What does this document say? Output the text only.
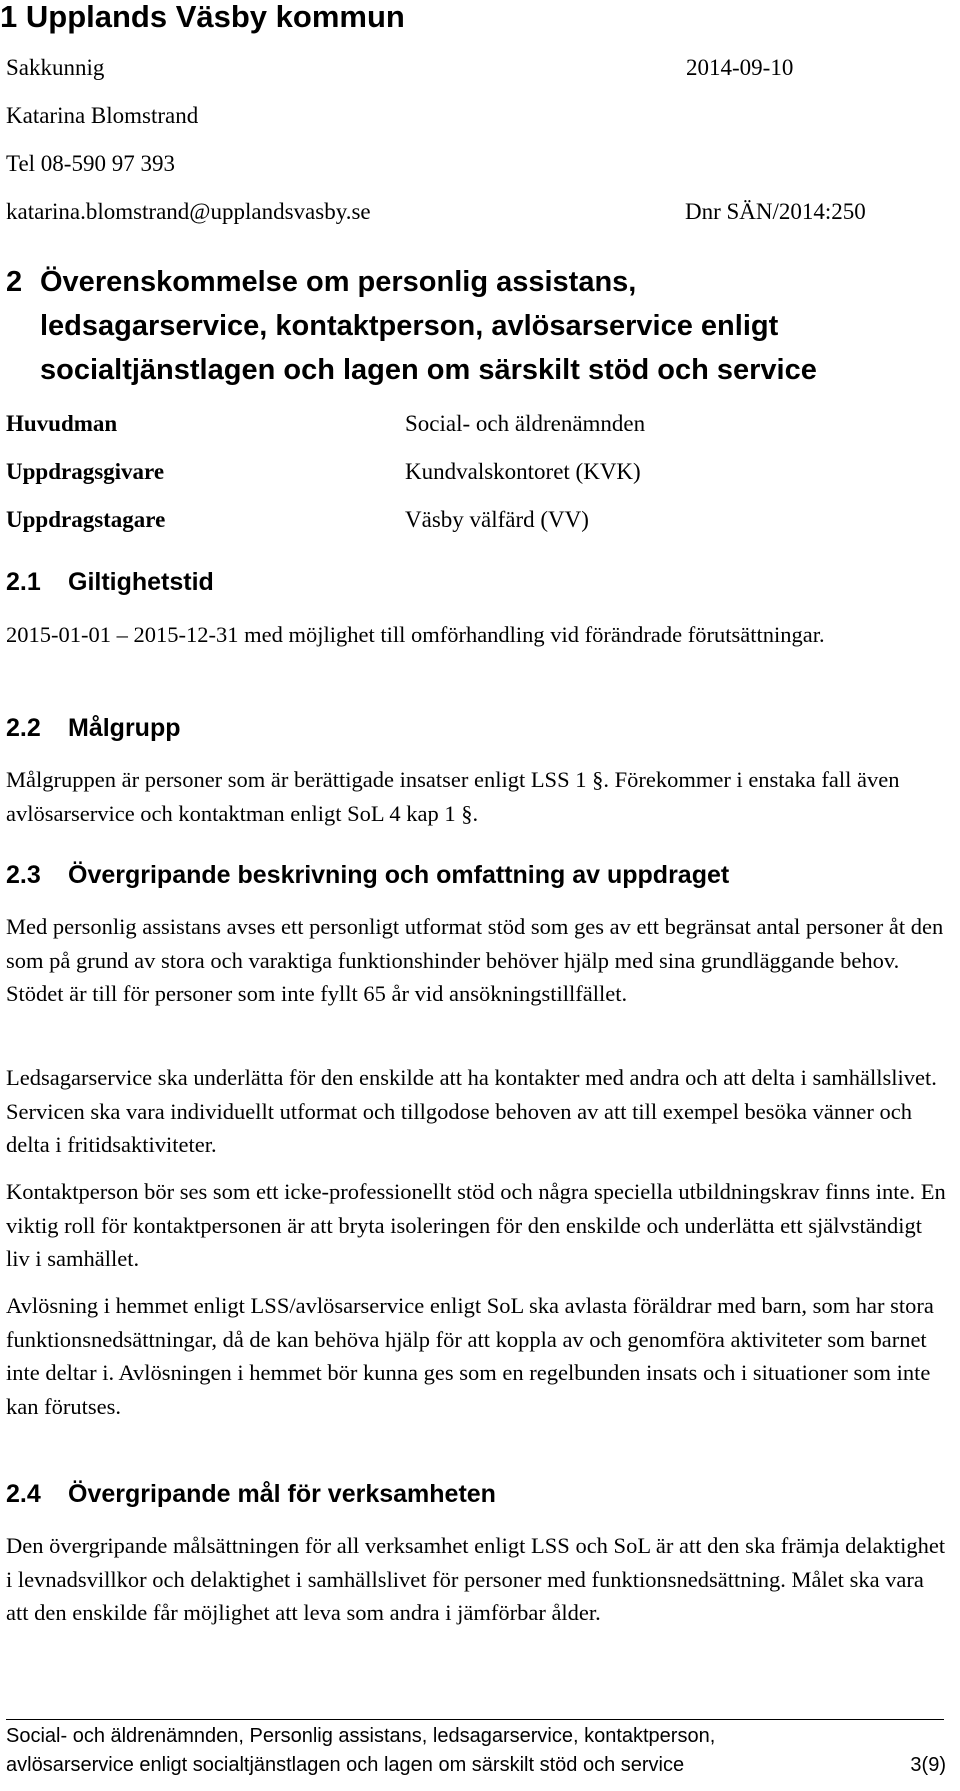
1 Upplands Väsby kommun
Sakkunnig	2014-09-10
Katarina Blomstrand
Tel 08-590 97 393
katarina.blomstrand@upplandsvasby.se	Dnr SÄN/2014:250
2 Överenskommelse om personlig assistans,
ledsagarservice, kontaktperson, avlösarservice enligt
socialtjänstlagen och lagen om särskilt stöd och service
Huvudman	Social- och äldrenämnden
Uppdragsgivare	Kundvalskontoret (KVK)
Uppdragstagare	Väsby välfärd (VV)
2.1 Giltighetstid
2015-01-01 – 2015-12-31 med möjlighet till omförhandling vid förändrade förutsättningar.
2.2 Målgrupp
Målgruppen är personer som är berättigade insatser enligt LSS 1 §. Förekommer i enstaka fall även avlösarservice och kontaktman enligt SoL 4 kap 1 §.
2.3 Övergripande beskrivning och omfattning av uppdraget
Med personlig assistans avses ett personligt utformat stöd som ges av ett begränsat antal personer åt den som på grund av stora och varaktiga funktionshinder behöver hjälp med sina grundläggande behov. Stödet är till för personer som inte fyllt 65 år vid ansökningstillfället.
Ledsagarservice ska underlätta för den enskilde att ha kontakter med andra och att delta i samhällslivet. Servicen ska vara individuellt utformat och tillgodose behoven av att till exempel besöka vänner och delta i fritidsaktiviteter.
Kontaktperson bör ses som ett icke-professionellt stöd och några speciella utbildningskrav finns inte. En viktig roll för kontaktpersonen är att bryta isoleringen för den enskilde och underlätta ett självständigt liv i samhället.
Avlösning i hemmet enligt LSS/avlösarservice enligt SoL ska avlasta föräldrar med barn, som har stora funktionsnedsättningar, då de kan behöva hjälp för att koppla av och genomföra aktiviteter som barnet inte deltar i. Avlösningen i hemmet bör kunna ges som en regelbunden insats och i situationer som inte kan förutses.
2.4 Övergripande mål för verksamheten
Den övergripande målsättningen för all verksamhet enligt LSS och SoL är att den ska främja delaktighet i levnadsvillkor och delaktighet i samhällslivet för personer med funktionsnedsättning. Målet ska vara att den enskilde får möjlighet att leva som andra i jämförbar ålder.
Social- och äldrenämnden, Personlig assistans, ledsagarservice, kontaktperson,
avlösarservice enligt socialtjänstlagen och lagen om särskilt stöd och service	3(9)
